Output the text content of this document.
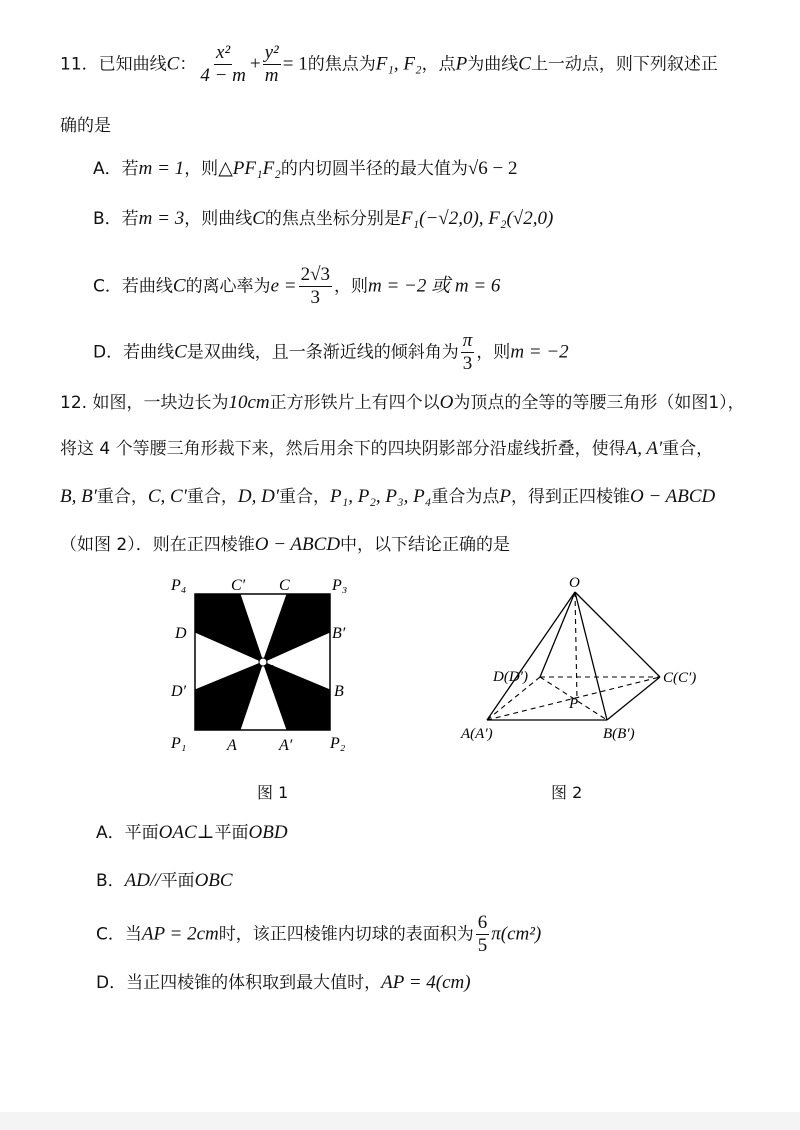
11．已知曲线C： $\frac{\text{x²}}{4 - m} + \frac{\text{y²}}{m} = 1$的焦点为F₁, F₂，点P为曲线C上一动点，则下列叙述正
确的是
A．若m = 1，则△PF₁F₂的内切圆半径的最大值为√6 − 2
B．若m = 3，则曲线C的焦点坐标分别是F₁(−√2,0), F₂(√2,0)
C．若曲线C的离心率为$e = \frac{2√3}{3}$ ，则m = −2 或 m = 6
D．若曲线C是双曲线，且一条渐近线的倾斜角为 $\frac{\pi}{3}$ ，则m = −2
12. 如图，一块边长为10cm正方形铁片上有四个以O为顶点的全等的等腰三角形（如图1），
将这 4 个等腰三角形裁下来，然后用余下的四块阴影部分沿虚线折叠，使得A, A′重合，
B, B′重合，C, C′重合，D, D′重合，P₁, P₂, P₃, P₄重合为点P，得到正四棱锥O − ABCD
（如图 2）．则在正四棱锥O − ABCD中，以下结论正确的是
P₄	C′ C	P₃
D	B′
D′	B
P₁	A	A′ P₂
O
O
D(D′)	C(C′)
P
A(A′)	B(B′)
图 1	图 2
A．平面OAC⊥平面OBD
B．AD//平面OBC
C．当AP = 2cm时，该正四棱锥内切球的表面积为 $\frac{6}{5} \pi(cm^2)$
D．当正四棱锥的体积取到最大值时，AP = 4(cm)
